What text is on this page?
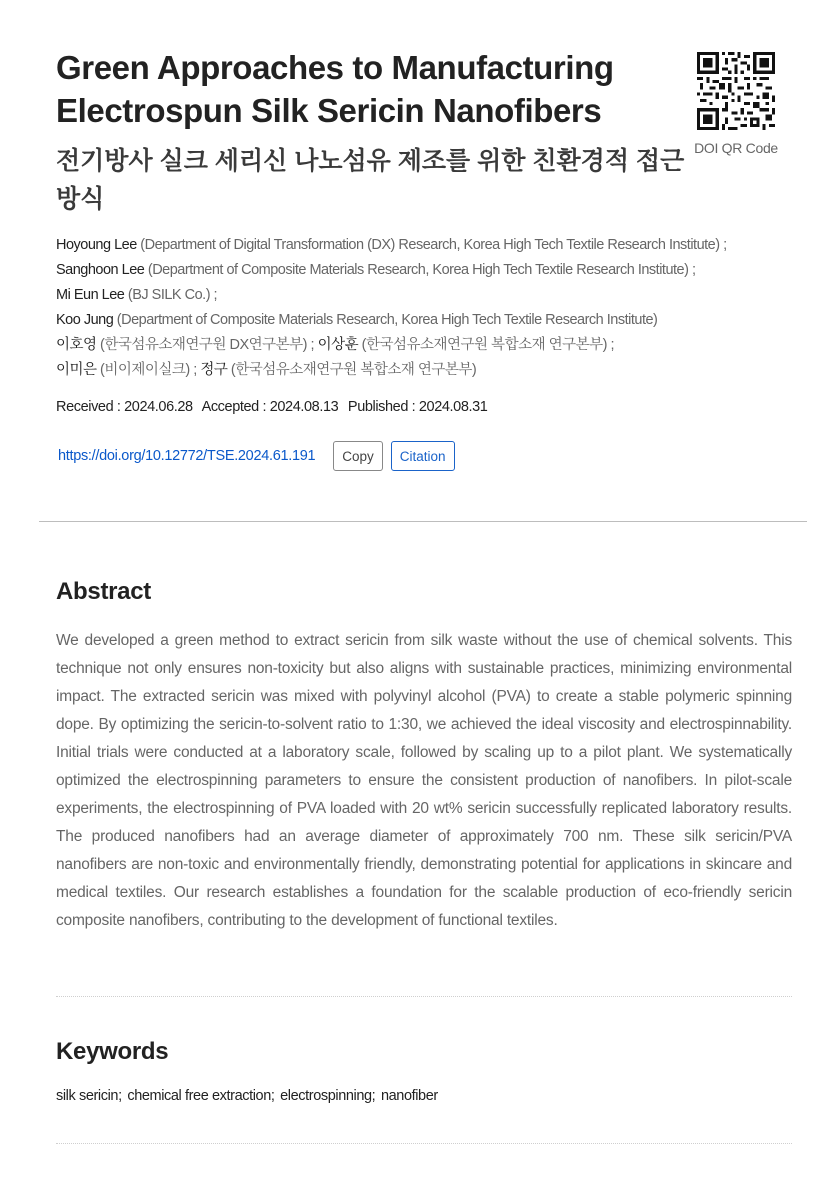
Green Approaches to Manufacturing Electrospun Silk Sericin Nanofibers
전기방사 실크 세리신 나노섬유 제조를 위한 친환경적 접근방식
DOI QR Code
Hoyoung Lee (Department of Digital Transformation (DX) Research, Korea High Tech Textile Research Institute) ;
Sanghoon Lee (Department of Composite Materials Research, Korea High Tech Textile Research Institute) ;
Mi Eun Lee (BJ SILK Co.) ;
Koo Jung (Department of Composite Materials Research, Korea High Tech Textile Research Institute)
이호영 (한국섬유소재연구원 DX연구본부) ; 이상훈 (한국섬유소재연구원 복합소재 연구본부) ;
이미은 (비이제이실크) ; 정구 (한국섬유소재연구원 복합소재 연구본부)
Received : 2024.06.28 Accepted : 2024.08.13 Published : 2024.08.31
https://doi.org/10.12772/TSE.2024.61.191	Copy	Citation
Abstract

We developed a green method to extract sericin from silk waste without the use of chemical solvents. This technique not only ensures non-toxicity but also aligns with sustainable practices, minimizing environmental impact. The extracted sericin was mixed with polyvinyl alcohol (PVA) to create a stable polymeric spinning dope. By optimizing the sericin-to-solvent ratio to 1:30, we achieved the ideal viscosity and electrospinnability. Initial trials were conducted at a laboratory scale, followed by scaling up to a pilot plant. We systematically optimized the electrospinning parameters to ensure the consistent production of nanofibers. In pilot-scale experiments, the electrospinning of PVA loaded with 20 wt% sericin successfully replicated laboratory results. The produced nanofibers had an average diameter of approximately 700 nm. These silk sericin/PVA nanofibers are non-toxic and environmentally friendly, demonstrating potential for applications in skincare and medical textiles. Our research establishes a foundation for the scalable production of eco-friendly sericin composite nanofibers, contributing to the development of functional textiles.

Keywords
silk sericin; chemical free extraction; electrospinning; nanofiber
